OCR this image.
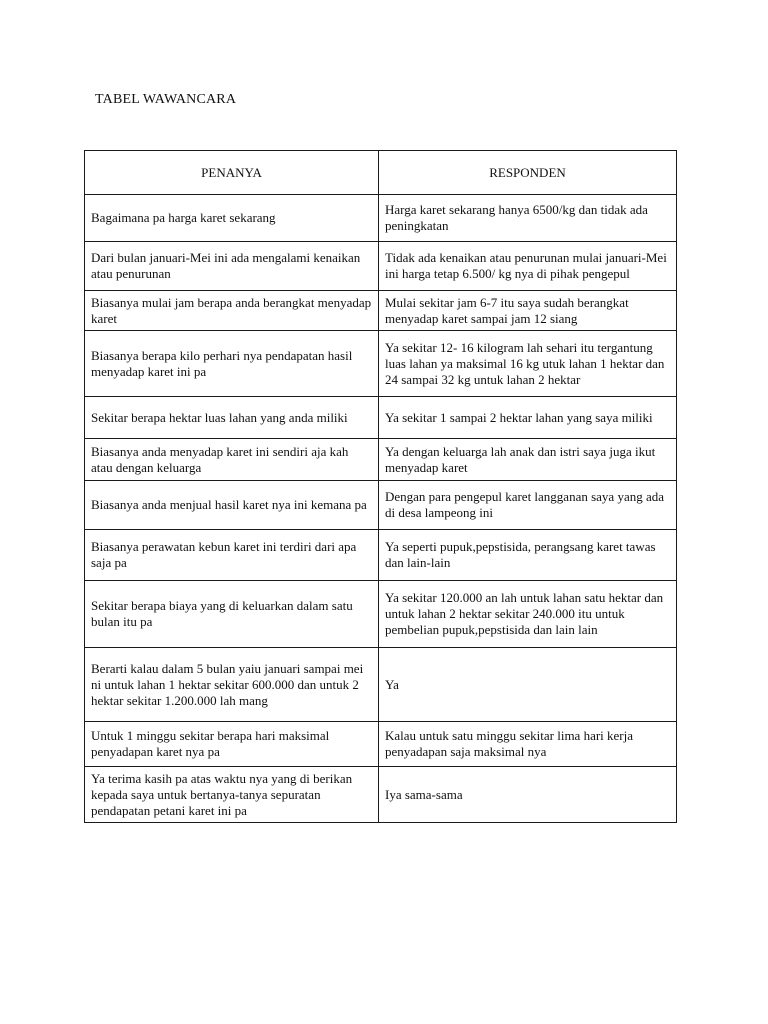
TABEL WAWANCARA
PENANYA	RESPONDEN
Bagaimana pa harga karet sekarang	Harga karet sekarang hanya 6500/kg dan tidak ada peningkatan
Dari bulan januari-Mei ini ada mengalami kenaikan atau penurunan	Tidak ada kenaikan atau penurunan mulai januari-Mei ini harga tetap 6.500/ kg nya di pihak pengepul
Biasanya mulai jam berapa anda berangkat menyadap karet	Mulai sekitar jam 6-7 itu saya sudah berangkat menyadap karet sampai jam 12 siang
Biasanya berapa kilo perhari nya pendapatan hasil menyadap karet ini pa	Ya sekitar 12- 16 kilogram lah sehari itu tergantung luas lahan ya maksimal 16 kg utuk lahan 1 hektar dan 24 sampai 32 kg untuk lahan 2 hektar
Sekitar berapa hektar luas lahan yang anda miliki	Ya sekitar 1 sampai 2 hektar lahan yang saya miliki
Biasanya anda menyadap karet ini sendiri aja kah atau dengan keluarga	Ya dengan keluarga lah anak dan istri saya juga ikut menyadap karet
Biasanya anda menjual hasil karet nya ini kemana pa	Dengan para pengepul karet langganan saya yang ada di desa lampeong ini
Biasanya perawatan kebun karet ini terdiri dari apa saja pa	Ya seperti pupuk,pepstisida, perangsang karet tawas dan lain-lain
Sekitar berapa biaya yang di keluarkan dalam satu bulan itu pa	Ya sekitar 120.000 an lah untuk lahan satu hektar dan untuk lahan 2 hektar sekitar 240.000 itu untuk pembelian pupuk,pepstisida dan lain lain
Berarti kalau dalam 5 bulan yaiu januari sampai mei ni untuk lahan 1 hektar sekitar 600.000 dan untuk 2 hektar sekitar 1.200.000 lah mang	Ya
Untuk 1 minggu sekitar berapa hari maksimal penyadapan karet nya pa	Kalau untuk satu minggu sekitar lima hari kerja penyadapan saja maksimal nya
Ya terima kasih pa atas waktu nya yang di berikan kepada saya untuk bertanya-tanya sepuratan pendapatan petani karet ini pa	Iya sama-sama
